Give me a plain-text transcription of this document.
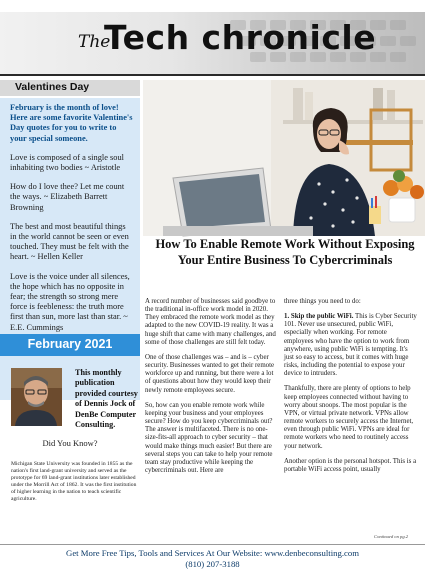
The
Tech chronicle
Valentines Day

February is the month of love! Here are some favorite Valentine's Day quotes for you to write to your special someone.

Love is composed of a single soul inhabiting two bodies ~ Aristotle

How do I love thee? Let me count the ways. ~ Elizabeth Barrett Browning

The best and most beautiful things in the world cannot be seen or even touched. They must be felt with the heart. ~ Hellen Keller

Love is the voice under all silences, the hope which has no opposite in fear; the strength so strong mere force is feebleness: the truth more first than sun, more last than star. ~ E.E. Cummings

February 2021
This monthly publication provided courtesy of Dennis Jock of DenBe Computer Consulting.
Did You Know?
Michigan State University was founded in 1855 as the nation's first land-grant university and served as the prototype for 69 land-grant institutions later established under the Morrill Act of 1862. It was the first institution of higher learning in the nation to teach scientific agriculture.
How To Enable Remote Work Without Exposing Your Entire Business To Cybercriminals

A record number of businesses said goodbye to the traditional in-office work model in 2020. They embraced the remote work model as they adapted to the new COVID-19 reality. It was a huge shift that came with many challenges, and some of those challenges are still felt today.

One of those challenges was – and is – cyber security. Businesses wanted to get their remote workforce up and running, but there were a lot of questions about how they would keep their newly remote employees secure.

So, how can you enable remote work while keeping your business and your employees secure? How do you keep cybercriminals out? The answer is multifaceted. There is no one-size-fits-all approach to cyber security – that would make things much easier! But there are several steps you can take to help your remote team stay productive while keeping the cybercriminals out. Here are

three things you need to do:

1. Skip the public WiFi. This is Cyber Security 101. Never use unsecured, public WiFi, especially when working. For remote employees who have the option to work from anywhere, using public WiFi is tempting. It's just so easy to access, but it comes with huge risks, including the potential to expose your device to intruders.

Thankfully, there are plenty of options to help keep employees connected without having to worry about snoops. The most popular is the VPN, or virtual private network. VPNs allow remote workers to securely access the Internet, even through public WiFi. VPNs are ideal for remote workers who need to routinely access your network.

Another option is the personal hotspot. This is a portable WiFi access point, usually

Continued on pg.2
Get More Free Tips, Tools and Services At Our Website: www.denbeconsulting.com
(810) 207-3188
